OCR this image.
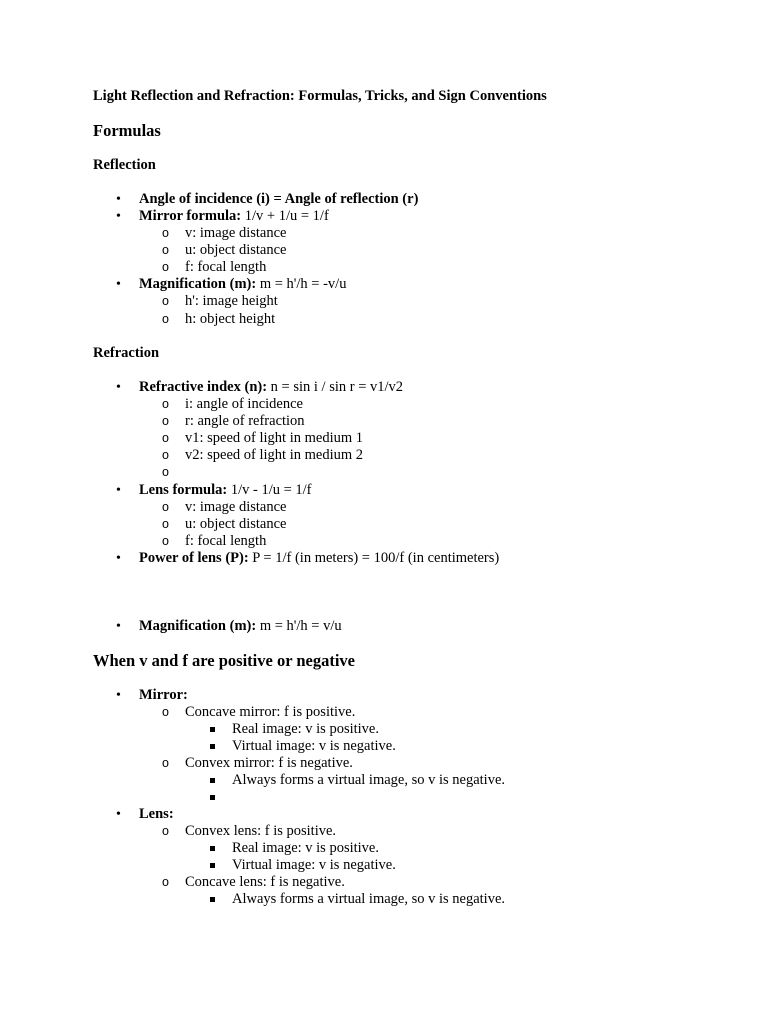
Light Reflection and Refraction: Formulas, Tricks, and Sign Conventions

Formulas

Reflection

• Angle of incidence (i) = Angle of reflection (r)
• Mirror formula: 1/v + 1/u = 1/f
o v: image distance
o u: object distance
o f: focal length
• Magnification (m): m = h'/h = -v/u
o h': image height
o h: object height

Refraction

• Refractive index (n): n = sin i / sin r = v1/v2
o i: angle of incidence
o r: angle of refraction
o v1: speed of light in medium 1
o v2: speed of light in medium 2
o
• Lens formula: 1/v - 1/u = 1/f
o v: image distance
o u: object distance
o f: focal length
• Power of lens (P): P = 1/f (in meters) = 100/f (in centimeters)
• Magnification (m): m = h'/h = v/u

When v and f are positive or negative

• Mirror:
o Concave mirror: f is positive.
Real image: v is positive.
Virtual image: v is negative.
o Convex mirror: f is negative.
Always forms a virtual image, so v is negative.
• Lens:
o Convex lens: f is positive.
Real image: v is positive.
Virtual image: v is negative.
o Concave lens: f is negative.
Always forms a virtual image, so v is negative.
